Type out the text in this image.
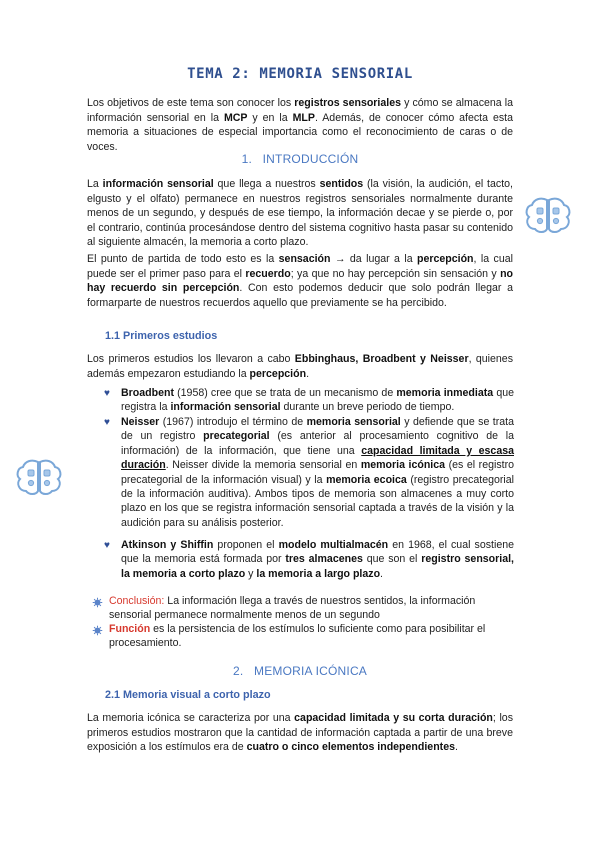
TEMA 2: MEMORIA SENSORIAL
Los objetivos de este tema son conocer los registros sensoriales y cómo se almacena la información sensorial en la MCP y en la MLP. Además, de conocer cómo afecta esta memoria a situaciones de especial importancia como el reconocimiento de caras o de voces.
1. INTRODUCCIÓN
La información sensorial que llega a nuestros sentidos (la visión, la audición, el tacto, elgusto y el olfato) permanece en nuestros registros sensoriales normalmente durante menos de un segundo, y después de ese tiempo, la información decae y se pierde o, por el contrario, continúa procesándose dentro del sistema cognitivo hasta pasar su contenido al siguiente almacén, la memoria a corto plazo.
El punto de partida de todo esto es la sensación → da lugar a la percepción, la cual puede ser el primer paso para el recuerdo; ya que no hay percepción sin sensación y no hay recuerdo sin percepción. Con esto podemos deducir que solo podrán llegar a formarparte de nuestros recuerdos aquello que previamente se ha percibido.
1.1 Primeros estudios
Los primeros estudios los llevaron a cabo Ebbinghaus, Broadbent y Neisser, quienes además empezaron estudiando la percepción.
♥ Broadbent (1958) cree que se trata de un mecanismo de memoria inmediata que registra la información sensorial durante un breve periodo de tiempo.
♥ Neisser (1967) introdujo el término de memoria sensorial y defiende que se trata de un registro precategorial (es anterior al procesamiento cognitivo de la información) de la información, que tiene una capacidad limitada y escasa duración. Neisser divide la memoria sensorial en memoria icónica (es el registro precategorial de la información visual) y la memoria ecoica (registro precategorial de la información auditiva). Ambos tipos de memoria son almacenes a muy corto plazo en los que se registra información sensorial captada a través de la visión y la audición para su análisis posterior.
♥ Atkinson y Shiffin proponen el modelo multialmacén en 1968, el cual sostiene que la memoria está formada por tres almacenes que son el registro sensorial, la memoria a corto plazo y la memoria a largo plazo.
Conclusión: La información llega a través de nuestros sentidos, la información sensorial permanece normalmente menos de un segundo
Función es la persistencia de los estímulos lo suficiente como para posibilitar el procesamiento.
2. MEMORIA ICÓNICA
2.1 Memoria visual a corto plazo
La memoria icónica se caracteriza por una capacidad limitada y su corta duración; los primeros estudios mostraron que la cantidad de información captada a partir de una breve exposición a los estímulos era de cuatro o cinco elementos independientes.
